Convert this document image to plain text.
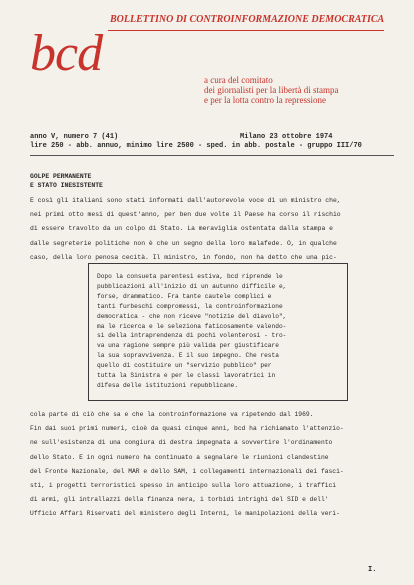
bcd
BOLLETTINO DI CONTROINFORMAZIONE DEMOCRATICA
a cura del comitato
dei giornalisti per la libertà di stampa
e per la lotta contro la repressione
anno V, numero 7 (41)	Milano 23 ottobre 1974
lire 250 - abb. annuo, minimo lire 2500 - sped. in abb. postale - gruppo III/70
GOLPE PERMANENTE
E STATO INESISTENTE
E così gli italiani sono stati informati dall'autorevole voce di un ministro che,
nei primi otto mesi di quest'anno, per ben due volte il Paese ha corso il rischio
di essere travolto da un colpo di Stato. La meraviglia ostentata dalla stampa e
dalle segreterie politiche non è che un segno della loro malafede. O, in qualche
caso, della loro penosa cecità. Il ministro, in fondo, non ha detto che una pic-
Dopo la consueta parentesi estiva, bcd riprende le
pubblicazioni all'inizio di un autunno difficile e,
forse, drammatico. Fra tante cautele complici e
tanti furbeschi compromessi, la controinformazione
democratica - che non riceve "notizie del diavolo",
ma le ricerca e le seleziona faticosamente valendo-
si della intraprendenza di pochi volenterosi - tro-
va una ragione sempre più valida per giustificare
la sua sopravvivenza. E il suo impegno. Che resta
quello di costituire un "servizio pubblico" per
tutta la Sinistra e per le classi lavoratrici in
difesa delle istituzioni repubblicane.
cola parte di ciò che sa e che la controinformazione va ripetendo dal 1969.
Fin dai suoi primi numeri, cioè da quasi cinque anni, bcd ha richiamato l'attenzio-
ne sull'esistenza di una congiura di destra impegnata a sovvertire l'ordinamento
dello Stato. E in ogni numero ha continuato a segnalare le riunioni clandestine
del Fronte Nazionale, del MAR e dello SAM, i collegamenti internazionali dei fasci-
sti, i progetti terroristici spesso in anticipo sulla loro attuazione, i traffici
di armi, gli intrallazzi della finanza nera, i torbidi intrighi del SID e dell'
Ufficio Affari Riservati del ministero degli Interni, le manipolazioni della veri-
I.
